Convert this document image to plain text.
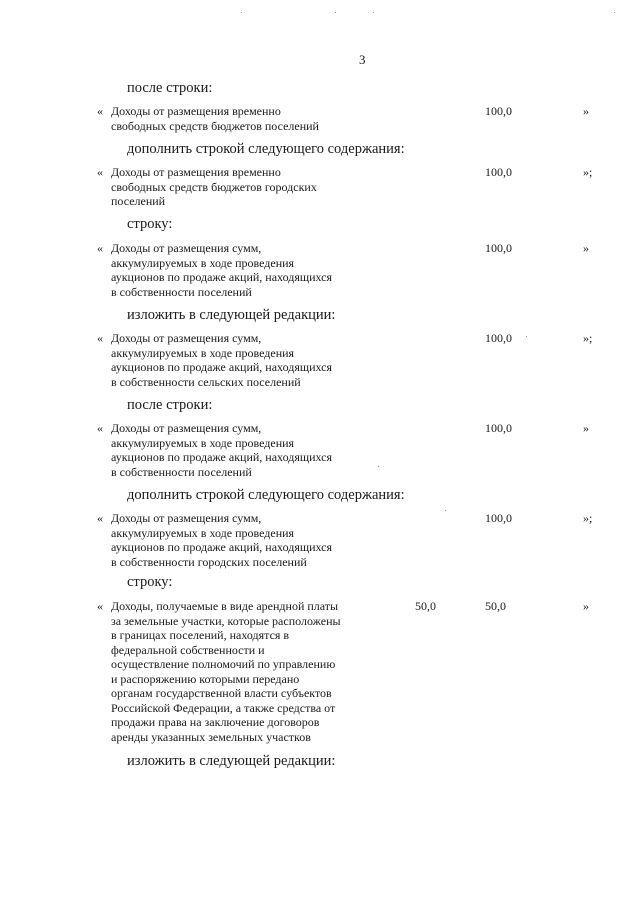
3
после строки:
« Доходы от размещения временно
свободных средств бюджетов поселений
100,0	»
дополнить строкой следующего содержания:
« Доходы от размещения временно
свободных средств бюджетов городских
поселений
100,0	»;
строку:
« Доходы от размещения сумм,
аккумулируемых в ходе проведения
аукционов по продаже акций, находящихся
в собственности поселений
100,0	»
изложить в следующей редакции:
« Доходы от размещения сумм,
аккумулируемых в ходе проведения
аукционов по продаже акций, находящихся
в собственности сельских поселений
100,0	»;
после строки:
« Доходы от размещения сумм,
аккумулируемых в ходе проведения
аукционов по продаже акций, находящихся
в собственности поселений
100,0	»
дополнить строкой следующего содержания:
« Доходы от размещения сумм,
аккумулируемых в ходе проведения
аукционов по продаже акций, находящихся
в собственности городских поселений
100,0	»;
строку:
« Доходы, получаемые в виде арендной платы
за земельные участки, которые расположены
в границах поселений, находятся в
федеральной собственности и
осуществление полномочий по управлению
и распоряжению которыми передано
органам государственной власти субъектов
Российской Федерации, а также средства от
продажи права на заключение договоров
аренды указанных земельных участков
50,0	50,0	»
изложить в следующей редакции:
